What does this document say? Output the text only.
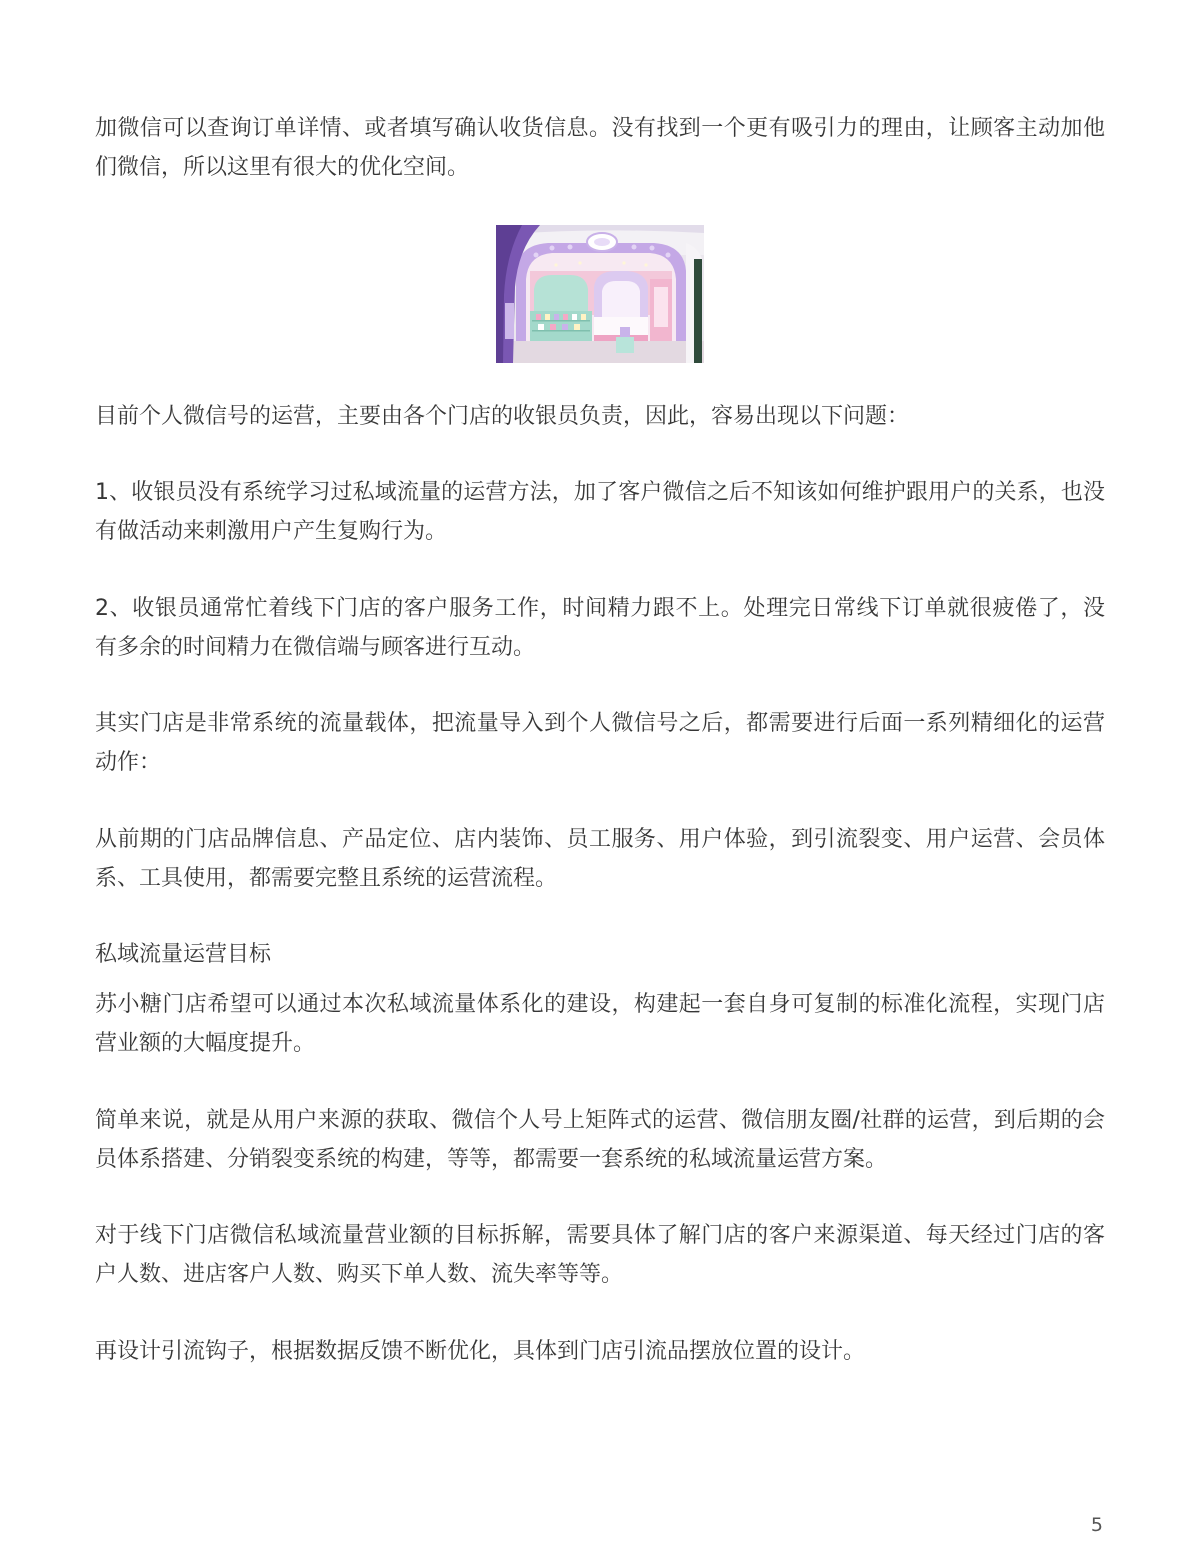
加微信可以查询订单详情、或者填写确认收货信息。没有找到一个更有吸引力的理由，让顾客主动加他
们微信，所以这里有很大的优化空间。

目前个人微信号的运营，主要由各个门店的收银员负责，因此，容易出现以下问题：

1、收银员没有系统学习过私域流量的运营方法，加了客户微信之后不知该如何维护跟用户的关系，也没
有做活动来刺激用户产生复购行为。

2、收银员通常忙着线下门店的客户服务工作，时间精力跟不上。处理完日常线下订单就很疲倦了，没
有多余的时间精力在微信端与顾客进行互动。

其实门店是非常系统的流量载体，把流量导入到个人微信号之后，都需要进行后面一系列精细化的运营
动作：

从前期的门店品牌信息、产品定位、店内装饰、员工服务、用户体验，到引流裂变、用户运营、会员体
系、工具使用，都需要完整且系统的运营流程。

私域流量运营目标

苏小糖门店希望可以通过本次私域流量体系化的建设，构建起一套自身可复制的标准化流程，实现门店
营业额的大幅度提升。

简单来说，就是从用户来源的获取、微信个人号上矩阵式的运营、微信朋友圈/社群的运营，到后期的会
员体系搭建、分销裂变系统的构建，等等，都需要一套系统的私域流量运营方案。

对于线下门店微信私域流量营业额的目标拆解，需要具体了解门店的客户来源渠道、每天经过门店的客
户人数、进店客户人数、购买下单人数、流失率等等。

再设计引流钩子，根据数据反馈不断优化，具体到门店引流品摆放位置的设计。

5
